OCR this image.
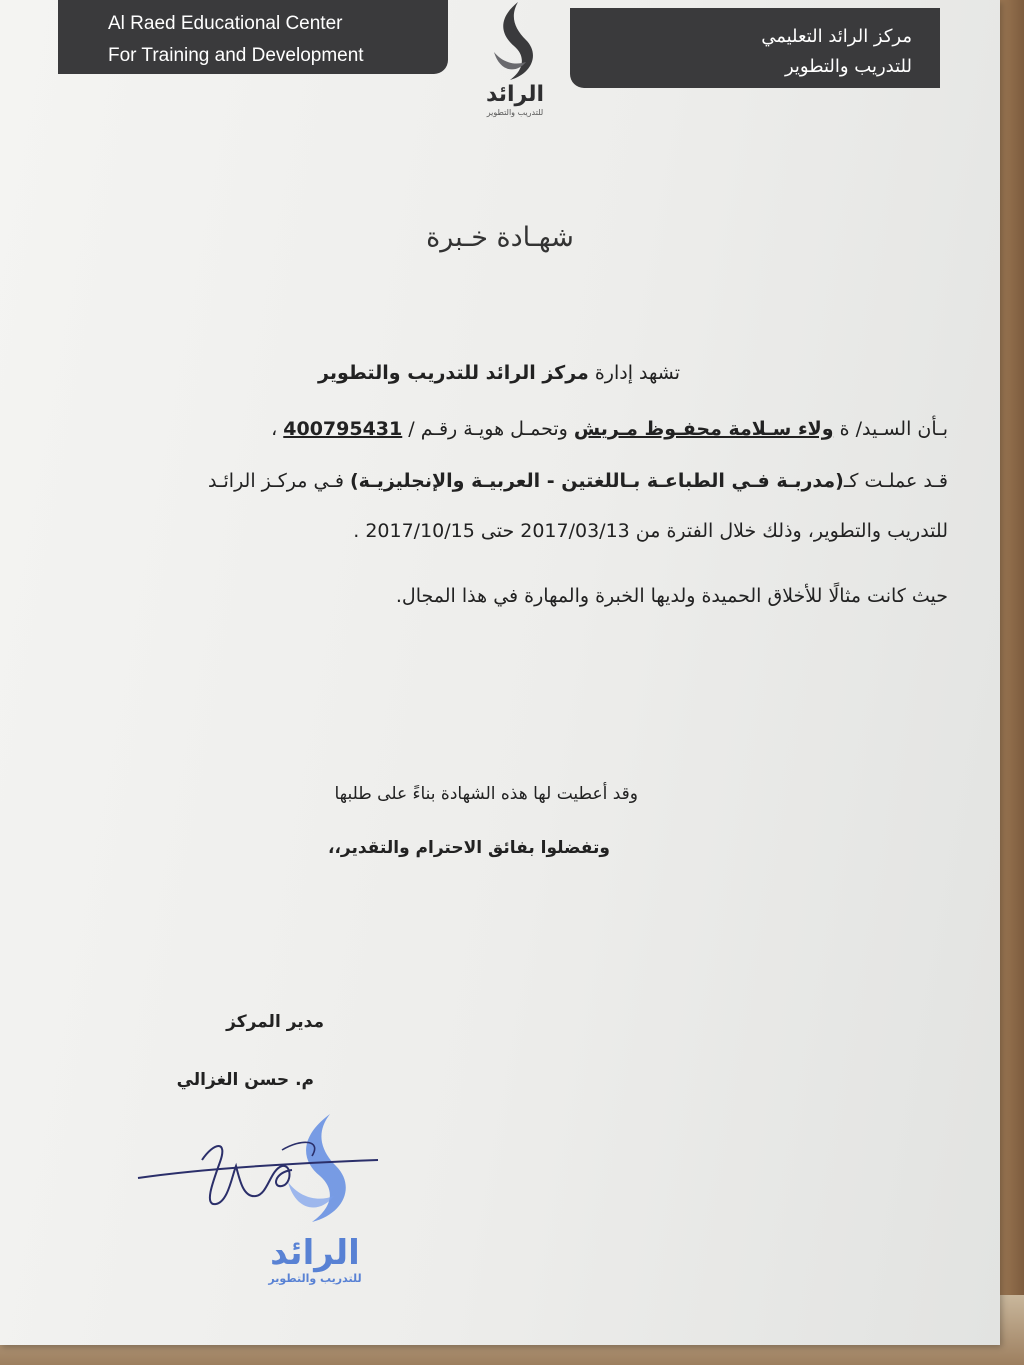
Al Raed Educational Center
For Training and Development
الرائد
للتدريب والتطوير
مركز الرائد التعليمي
للتدريب والتطوير
شهـادة خـبرة
تشهد إدارة مركز الرائد للتدريب والتطوير
بـأن السـيد/ ة ولاء سـلامة محفـوظ مـريش وتحمـل هويـة رقـم / 400795431 ،
قـد عملـت كـ(مدربـة فـي الطباعـة بـاللغتين - العربيـة والإنجليزيـة) فـي مركـز الرائـد
للتدريب والتطوير، وذلك خلال الفترة من 2017/03/13 حتى 2017/10/15 .
حيث كانت مثالًا للأخلاق الحميدة ولديها الخبرة والمهارة في هذا المجال.
وقد أعطيت لها هذه الشهادة بناءً على طلبها
وتفضلوا بفائق الاحترام والتقدير،،
مدير المركز
م. حسن الغزالي
الرائد
للتدريب والتطوير
